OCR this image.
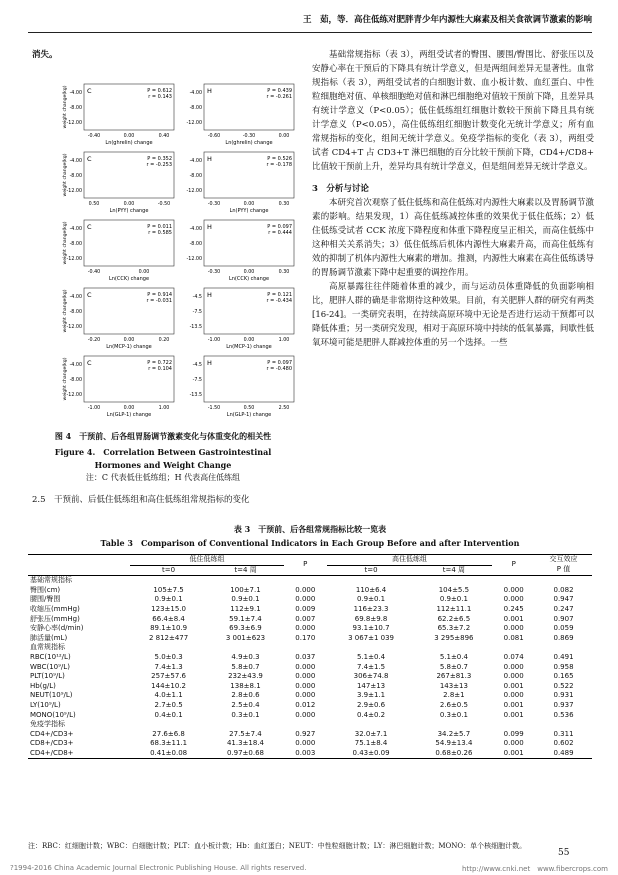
王　茹，等．高住低练对肥胖青少年内源性大麻素及相关食欲调节激素的影响
消失。
C	P = 0.612
r = 0.143
-4.00
-8.00
-12.00
-0.40	0.00	0.40
Ln(ghrelin) change
weight change(kg)	H	P = 0.439
r = -0.261
-4.00
-8.00
-12.00
-0.60	-0.30	0.00
Ln(ghrelin) change
C	P = 0.352
r = -0.253
-4.00
-8.00
-12.00
0.50	0.00	-0.50
Ln(PYY) change
weight change(kg)	H	P = 0.526
r = -0.178
-4.00
-8.00
-12.00
-0.30	0.00	0.30
Ln(PYY) change
C	P = 0.011
r = 0.585
-4.00
-8.00
-12.00
-0.40	0.00
Ln(CCK) change
weight change(kg)	H	P = 0.097
r = 0.444
-4.00
-8.00
-12.00
-0.30	0.00	0.30
Ln(CCK) change
C	P = 0.914
r = -0.031
-4.00
-8.00
-12.00
-0.20	0.00	0.20
Ln(MCP-1) change
weight change(kg)	H	P = 0.121
r = -0.434
-4.5
-7.5
-13.5
-1.00	0.00	1.00
Ln(MCP-1) change
C	P = 0.722
r = 0.104
-4.00
-8.00
-12.00
-1.00	0.00	1.00
Ln(GLP-1) change
weight change(kg)	H	P = 0.097
r = -0.480
-4.5
-7.5
-13.5
-1.50	0.50	2.50
Ln(GLP-1) change
图 4　干预前、后各组胃肠调节激素变化与体重变化的相关性
Figure 4.　Correlation Between Gastrointestinal
Hormones and Weight Change
注：C 代表低住低练组；H 代表高住低练组
2.5　干预前、后低住低练组和高住低练组常规指标的变化

基础常规指标（表 3），两组受试者的臀围、腰围/臀围比、舒张压以及安静心率在干预后的下降具有统计学意义，但是两组间差异无显著性。血常规指标（表 3），两组受试者的白细胞计数、血小板计数、血红蛋白、中性粒细胞绝对值、单核细胞绝对值和淋巴细胞绝对值较干预前下降，且差异具有统计学意义（P<0.05）；低住低练组红细胞计数较干预前下降且具有统计学意义（P<0.05），高住低练组红细胞计数变化无统计学意义；所有血常规指标的变化，组间无统计学意义。免疫学指标的变化（表 3），两组受试者 CD4+T 占 CD3+T 淋巴细胞的百分比较干预前下降，CD4+/CD8+ 比值较干预前上升，差异均具有统计学意义，但是组间差异无统计学意义。

3　分析与讨论

本研究首次观察了低住低练和高住低练对内源性大麻素以及胃肠调节激素的影响。结果发现，1）高住低练减控体重的效果优于低住低练；2）低住低练受试者 CCK 浓度下降程度和体重下降程度呈正相关，而高住低练中这种相关关系消失；3）低住低练后机体内源性大麻素升高，而高住低练有效的抑制了机体内源性大麻素的增加。推测，内源性大麻素在高住低练诱导的胃肠调节激素下降中起重要的调控作用。

高原暴露往往伴随着体重的减少，而与运动员体重降低的负面影响相比，肥胖人群的确是非常期待这种效果。目前，有关肥胖人群的研究有两类[16-24]。一类研究表明，在持续高原环境中无论是否进行运动干预都可以降低体重；另一类研究发现，相对于高原环境中持续的低氧暴露，间歇性低氧环境可能是肥胖人群减控体重的另一个选择。一些

表 3　干预前、后各组常规指标比较一览表
Table 3　Comparison of Conventional Indicators in Each Group Before and after Intervention
	低住低练组		P	高住低练组		P	交互效应
	t=0	t=4 周		t=0	t=4 周		P 值
基础常规指标							
臀围(cm)	105±7.5	100±7.1	0.000	110±6.4	104±5.5	0.000	0.082
腰围/臀围	0.9±0.1	0.9±0.1	0.000	0.9±0.1	0.9±0.1	0.000	0.947
收缩压(mmHg)	123±15.0	112±9.1	0.009	116±23.3	112±11.1	0.245	0.247
舒张压(mmHg)	66.4±8.4	59.1±7.4	0.007	69.8±9.8	62.2±6.5	0.001	0.907
安静心率(d/min)	89.1±10.9	69.3±6.9	0.000	93.1±10.7	65.3±7.2	0.000	0.059
肺活量(mL)	2 812±477	3 001±623	0.170	3 067±1 039	3 295±896	0.081	0.869
血常规指标							
RBC(10¹²/L)	5.0±0.3	4.9±0.3	0.037	5.1±0.4	5.1±0.4	0.074	0.491
WBC(10⁹/L)	7.4±1.3	5.8±0.7	0.000	7.4±1.5	5.8±0.7	0.000	0.958
PLT(10⁹/L)	257±57.6	232±43.9	0.000	306±74.8	267±81.3	0.000	0.165
Hb(g/L)	144±10.2	138±8.1	0.000	147±13	143±13	0.001	0.522
NEUT(10⁹/L)	4.0±1.1	2.8±0.6	0.000	3.9±1.1	2.8±1	0.000	0.931
LY(10⁹/L)	2.7±0.5	2.5±0.4	0.012	2.9±0.6	2.6±0.5	0.001	0.937
MONO(10⁹/L)	0.4±0.1	0.3±0.1	0.000	0.4±0.2	0.3±0.1	0.001	0.536
免疫学指标							
CD4+/CD3+	27.6±6.8	27.5±7.4	0.927	32.0±7.1	34.2±5.7	0.099	0.311
CD8+/CD3+	68.3±11.1	41.3±18.4	0.000	75.1±8.4	54.9±13.4	0.000	0.602
CD4+/CD8+	0.41±0.08	0.97±0.68	0.003	0.43±0.09	0.68±0.26	0.001	0.489
注：RBC：红细胞计数；WBC：白细胞计数；PLT：血小板计数；Hb：血红蛋白；NEUT：中性粒细胞计数；LY：淋巴细胞计数；MONO：单个核细胞计数。
55
?1994-2016 China Academic Journal Electronic Publishing House. All rights reserved.	http://www.cnki.net　www.fibercrops.com
